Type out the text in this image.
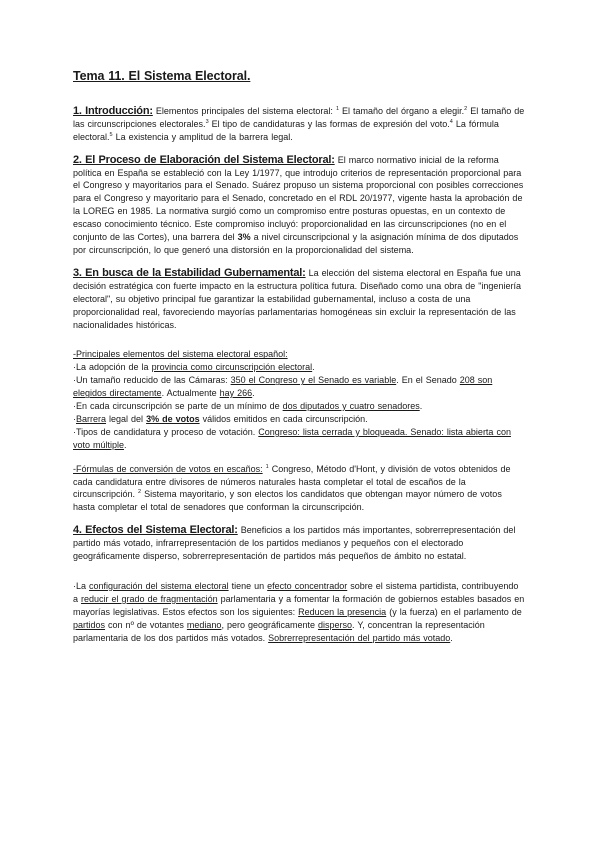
Tema 11. El Sistema Electoral.

1. Introducción: Elementos principales del sistema electoral: $^1$ El tamaño del órgano a elegir.$^2$ El tamaño de las circunscripciones electorales.$^3$ El tipo de candidaturas y las formas de expresión del voto.$^4$ La fórmula electoral.$^5$ La existencia y amplitud de la barrera legal.

2. El Proceso de Elaboración del Sistema Electoral: El marco normativo inicial de la reforma política en España se estableció con la Ley 1/1977, que introdujo criterios de representación proporcional para el Congreso y mayoritarios para el Senado. Suárez propuso un sistema proporcional con posibles correcciones para el Congreso y mayoritario para el Senado, concretado en el RDL 20/1977, vigente hasta la aprobación de la LOREG en 1985. La normativa surgió como un compromiso entre posturas opuestas, en un contexto de escaso conocimiento técnico. Este compromiso incluyó: proporcionalidad en las circunscripciones (no en el conjunto de las Cortes), una barrera del 3% a nivel circunscripcional y la asignación mínima de dos diputados por circunscripción, lo que generó una distorsión en la proporcionalidad del sistema.

3. En busca de la Estabilidad Gubernamental: La elección del sistema electoral en España fue una decisión estratégica con fuerte impacto en la estructura política futura. Diseñado como una obra de "ingeniería electoral", su objetivo principal fue garantizar la estabilidad gubernamental, incluso a costa de una proporcionalidad real, favoreciendo mayorías parlamentarias homogéneas sin excluir la representación de las nacionalidades históricas.

-Principales elementos del sistema electoral español:

·La adopción de la provincia como circunscripción electoral.

·Un tamaño reducido de las Cámaras: 350 el Congreso y el Senado es variable. En el Senado 208 son elegidos directamente. Actualmente hay 266.

·En cada circunscripción se parte de un mínimo de dos diputados y cuatro senadores.

·Barrera legal del 3% de votos válidos emitidos en cada circunscripción.

·Tipos de candidatura y proceso de votación. Congreso: lista cerrada y bloqueada. Senado: lista abierta con voto múltiple.

-Fórmulas de conversión de votos en escaños: $^1$ Congreso, Método d'Hont, y división de votos obtenidos de cada candidatura entre divisores de números naturales hasta completar el total de escaños de la circunscripción. $^2$ Sistema mayoritario, y son electos los candidatos que obtengan mayor número de votos hasta completar el total de senadores que conforman la circunscripción.

4. Efectos del Sistema Electoral: Beneficios a los partidos más importantes, sobrerrepresentación del partido más votado, infrarrepresentación de los partidos medianos y pequeños con el electorado geográficamente disperso, sobrerrepresentación de partidos más pequeños de ámbito no estatal.

·La configuración del sistema electoral tiene un efecto concentrador sobre el sistema partidista, contribuyendo a reducir el grado de fragmentación parlamentaria y a fomentar la formación de gobiernos estables basados en mayorías legislativas. Estos efectos son los siguientes: Reducen la presencia (y la fuerza) en el parlamento de partidos con nº de votantes mediano, pero geográficamente disperso. Y, concentran la representación parlamentaria de los dos partidos más votados. Sobrerrepresentación del partido más votado.
